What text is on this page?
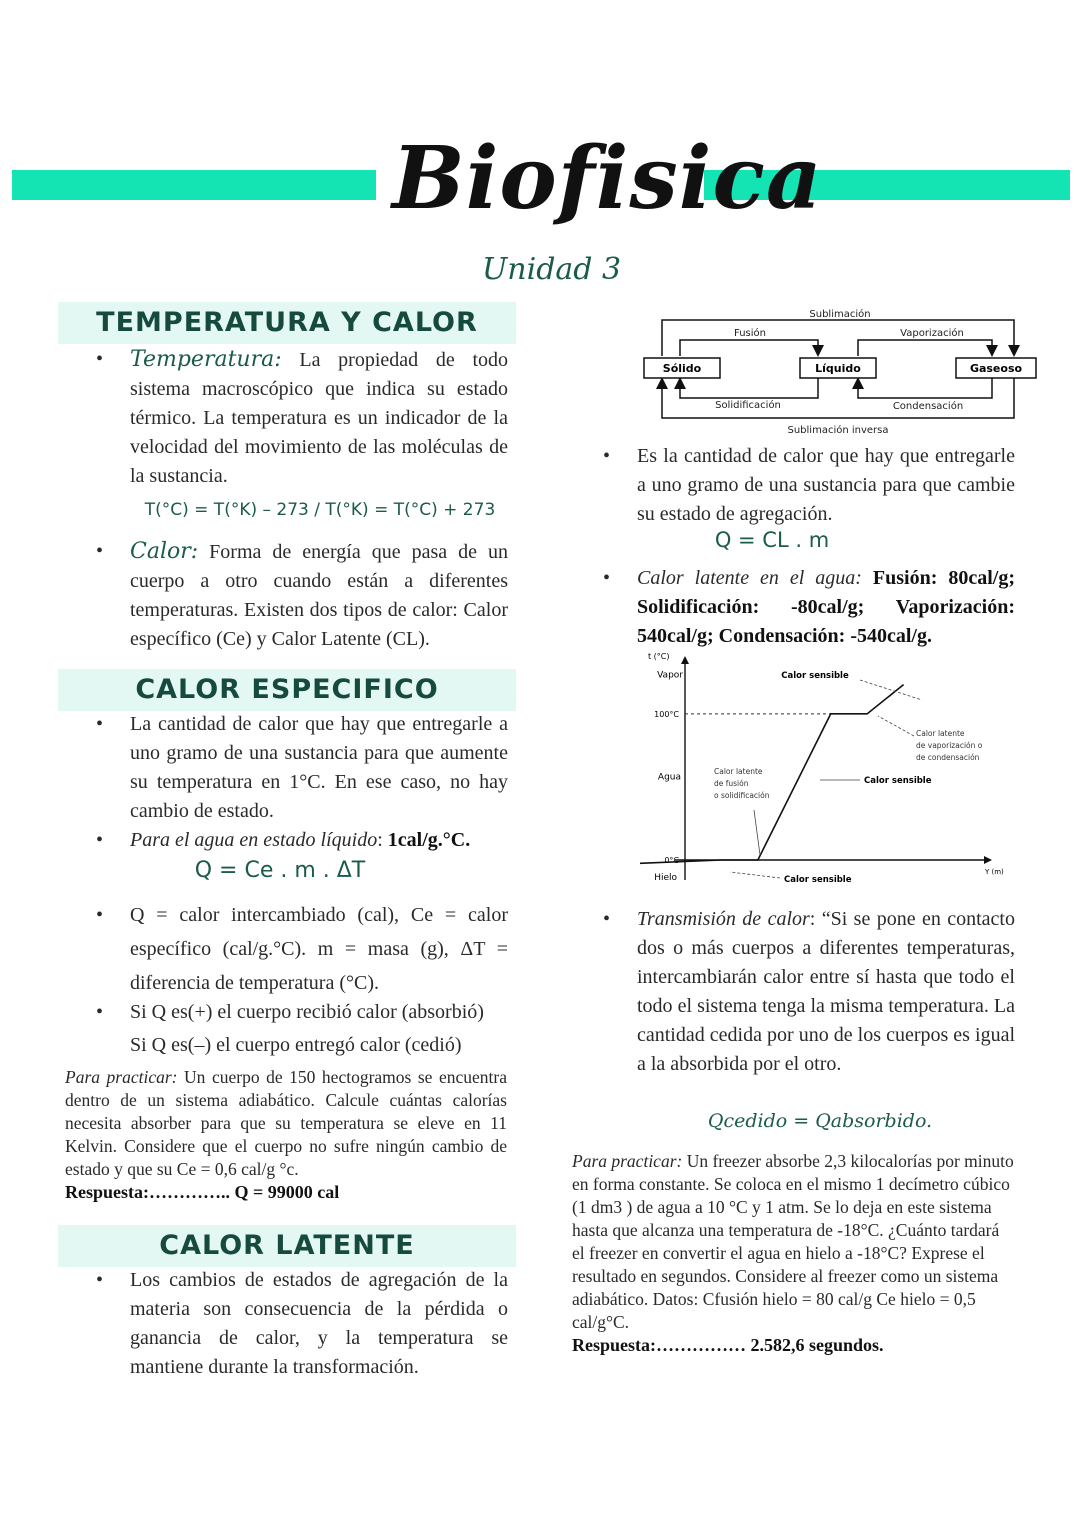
Biofisica
Unidad 3
TEMPERATURA Y CALOR
• Temperatura: La propiedad de todo sistema macroscópico que indica su estado térmico. La temperatura es un indicador de la velocidad del movimiento de las moléculas de la sustancia.
T(°C) = T(°K) – 273 / T(°K) = T(°C) + 273
• Calor: Forma de energía que pasa de un cuerpo a otro cuando están a diferentes temperaturas. Existen dos tipos de calor: Calor específico (Ce) y Calor Latente (CL).
CALOR ESPECIFICO
• La cantidad de calor que hay que entregarle a uno gramo de una sustancia para que aumente su temperatura en 1°C. En ese caso, no hay cambio de estado.
• Para el agua en estado líquido: 1cal/g.°C.
Q = Ce . m . ΔT
• Q = calor intercambiado (cal), Ce = calor específico (cal/g.°C). m = masa (g), ΔT = diferencia de temperatura (°C).
• Si Q es(+) el cuerpo recibió calor (absorbió)
Si Q es(–) el cuerpo entregó calor (cedió)
Para practicar: Un cuerpo de 150 hectogramos se encuentra dentro de un sistema adiabático. Calcule cuántas calorías necesita absorber para que su temperatura se eleve en 11 Kelvin. Considere que el cuerpo no sufre ningún cambio de estado y que su Ce = 0,6 cal/g °c.
Respuesta:………….. Q = 99000 cal
CALOR LATENTE
• Los cambios de estados de agregación de la materia son consecuencia de la pérdida o ganancia de calor, y la temperatura se mantiene durante la transformación.
Sólido	Líquido	Gaseoso
Sublimación
Fusión	Vaporización
Solidificación	Condensación
Sublimación inversa
• Es la cantidad de calor que hay que entregarle a uno gramo de una sustancia para que cambie su estado de agregación.
Q = CL . m
• Calor latente en el agua: Fusión: 80cal/g; Solidificación: -80cal/g; Vaporización: 540cal/g; Condensación: -540cal/g.
t (°C)
Y (m)
100°C
0°C
Vapor
Agua
Hielo
Calor sensible
Calor latente de vaporización o de condensación
Calor latente de fusión o solidificación
Calor sensible
Calor sensible
• Transmisión de calor: “Si se pone en contacto dos o más cuerpos a diferentes temperaturas, intercambiarán calor entre sí hasta que todo el todo el sistema tenga la misma temperatura. La cantidad cedida por uno de los cuerpos es igual a la absorbida por el otro.
Qcedido = Qabsorbido.
Para practicar: Un freezer absorbe 2,3 kilocalorías por minuto en forma constante. Se coloca en el mismo 1 decímetro cúbico (1 dm3 ) de agua a 10 °C y 1 atm. Se lo deja en este sistema hasta que alcanza una temperatura de -18°C. ¿Cuánto tardará el freezer en convertir el agua en hielo a -18°C? Exprese el resultado en segundos. Considere al freezer como un sistema adiabático. Datos: Cfusión hielo = 80 cal/g Ce hielo = 0,5 cal/g°C.
Respuesta:…………… 2.582,6 segundos.
